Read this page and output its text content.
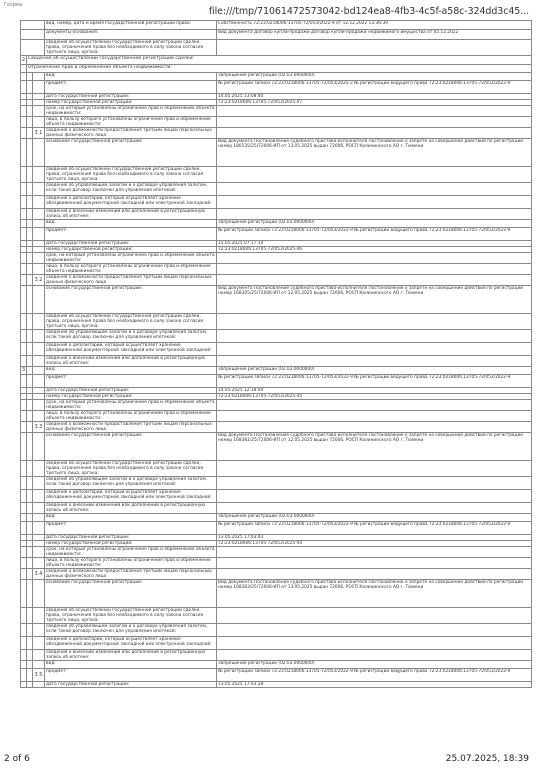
Госреа
file:///tmp/71061472573042-bd124ea8-4fb3-4c5f-a58c-324dd3c45...
			вид, номер, дата и время государственной регистрации права:	Собственность 72:23:0218006:13705-72/053/2022-9 от 12.12.2022 13:36:39
			документы-основания:	Вид документа Договор купли-продажи Договор купли-продажи недвижимого имущества от 05.12.2022
			сведения об осуществлении государственной регистрации сделки, права, ограничения права без необходимого в силу закона согласия третьего лица, органа:	
2	Сведения об осуществлении государственной регистрации сделки:			
	Ограничение прав и обременение объекта недвижимости:			
			вид:	Запрещение регистрации (02.03.0000000)
			предмет:	№ регистрации записи 72:23:0218006:13705-72/053/2025-2 № регистрации ведущего права 72:23:0218006:13705-72/053/2022-9
			дата государственной регистрации:	14.05.2025 13:08:40
			номер государственной регистрации:	72:23:0218006:13705-72/053/2025-47
			срок, на который установлены ограничение прав и обременение объекта недвижимости:	
			лицо, в пользу которого установлены ограничение прав и обременение объекта недвижимости:	
		3.1	сведения о возможности предоставления третьим лицам персональных данных физического лица	
			основание государственной регистрации:	Вид документа Постановление судебного пристава-исполнителя Постановление о запрете на совершение действий по регистрации номер 180135/25/72006-ИП от 13.05.2025 выдан 72006, РОСП Калининского АО г. Тюмени
			сведения об осуществлении государственной регистрации сделки, права, ограничения права без необходимого в силу закона согласия третьего лица, органа:	
			сведения об управляющем залогом и о договоре управления залогом, если такой договор заключен для управления ипотекой:	
			сведения о депозитарии, который осуществляет хранение обездвиженной документарной закладной или электронной закладной:	
			сведения о внесении изменений или дополнений в регистрационную запись об ипотеке:	
			вид:	Запрещение регистрации (02.03.0000000)
			предмет:	№ регистрации записи 72:23:0218006:13705-72/053/2022-9 № регистрации ведущего права 72:23:0218006:13705-72/053/2022-9
			дата государственной регистрации:	15.05.2025 07:17:14
			номер государственной регистрации:	72:23:0218006:13705-72/053/2025-46
			срок, на который установлены ограничение прав и обременение объекта недвижимости:	
			лицо, в пользу которого установлены ограничение прав и обременение объекта недвижимости:	
		3.2	сведения о возможности предоставления третьим лицам персональных данных физического лица	
			основание государственной регистрации:	Вид документа Постановление судебного пристава-исполнителя Постановление о запрете на совершение действий по регистрации номер 168305/25/72006-ИП от 12.05.2025 выдан 72006, РОСП Калининского АО г. Тюмени
			сведения об осуществлении государственной регистрации сделки, права, ограничения права без необходимого в силу закона согласия третьего лица, органа:	
			сведения об управляющем залогом и о договоре управления залогом, если такой договор заключен для управления ипотекой:	
			сведения о депозитарии, который осуществляет хранение обездвиженной документарной закладной или электронной закладной:	
			сведения о внесении изменений или дополнений в регистрационную запись об ипотеке:	
3			вид:	Запрещение регистрации (02.03.0000000)
			предмет:	№ регистрации записи 72:23:0218006:13705-72/053/2022-9 № регистрации ведущего права 72:23:0218006:13705-72/053/2022-9
			дата государственной регистрации:	14.05.2025 12:18:40
			номер государственной регистрации:	72:23:0218006:13705-72/053/2025-45
			срок, на который установлены ограничение прав и обременение объекта недвижимости:	
			лицо, в пользу которого установлены ограничение прав и обременение объекта недвижимости:	
		3.3	сведения о возможности предоставления третьим лицам персональных данных физического лица	
			основание государственной регистрации:	Вид документа Постановление судебного пристава-исполнителя Постановление о запрете на совершение действий по регистрации номер 168381/25/72006-ИП от 12.05.2025 выдан 72006, РОСП Калининского АО г. Тюмени
			сведения об осуществлении государственной регистрации сделки, права, ограничения права без необходимого в силу закона согласия третьего лица, органа:	
			сведения об управляющем залогом и о договоре управления залогом, если такой договор заключен для управления ипотекой:	
			сведения о депозитарии, который осуществляет хранение обездвиженной документарной закладной или электронной закладной:	
			сведения о внесении изменений или дополнений в регистрационную запись об ипотеке:	
			вид:	Запрещение регистрации (02.03.0000000)
			предмет:	№ регистрации записи 72:23:0218006:13705-72/053/2022-9 № регистрации ведущего права 72:23:0218006:13705-72/053/2022-9
			дата государственной регистрации:	13.05.2025 17:03:43
			номер государственной регистрации:	72:23:0218006:13705-72/053/2025-44
			срок, на который установлены ограничение прав и обременение объекта недвижимости:	
			лицо, в пользу которого установлены ограничение прав и обременение объекта недвижимости:	
		3.4	сведения о возможности предоставления третьим лицам персональных данных физического лица	
			основание государственной регистрации:	Вид документа Постановление судебного пристава-исполнителя Постановление о запрете на совершение действий по регистрации номер 168383/25/72006-ИП от 13.05.2025 выдан 72006, РОСП Калининского АО г. Тюмени
			сведения об осуществлении государственной регистрации сделки, права, ограничения права без необходимого в силу закона согласия третьего лица, органа:	
			сведения об управляющем залогом и о договоре управления залогом, если такой договор заключен для управления ипотекой:	
			сведения о депозитарии, который осуществляет хранение обездвиженной документарной закладной или электронной закладной:	
			сведения о внесении изменений или дополнений в регистрационную запись об ипотеке:	
			вид:	Запрещение регистрации (02.03.0000000)
		3.5	предмет:	№ регистрации записи 72:23:0218006:13705-72/053/2022-9 № регистрации ведущего права 72:23:0218006:13705-72/053/2022-9
			дата государственной регистрации:	13.05.2025 17:03:28
2 of 6	25.07.2025, 18:39
